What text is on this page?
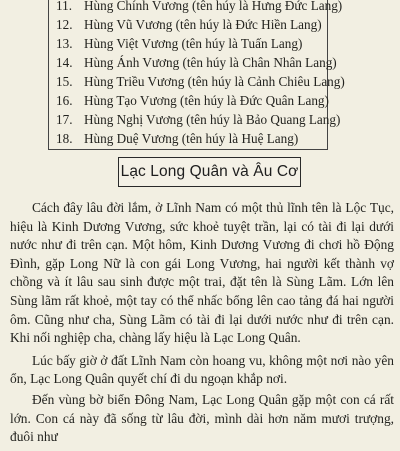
11. Hùng Chính Vương (tên húy là Hưng Đức Lang)
12. Hùng Vũ Vương (tên húy là Đức Hiền Lang)
13. Hùng Việt Vương (tên húy là Tuấn Lang)
14. Hùng Ánh Vương (tên húy là Chân Nhân Lang)
15. Hùng Triều Vương (tên húy là Cảnh Chiêu Lang)
16. Hùng Tạo Vương (tên húy là Đức Quân Lang)
17. Hùng Nghị Vương (tên húy là Bảo Quang Lang)
18. Hùng Duệ Vương (tên húy là Huệ Lang)
Lạc Long Quân và Âu Cơ

Cách đây lâu đời lắm, ở Lĩnh Nam có một thủ lĩnh tên là Lộc Tục, hiệu là Kinh Dương Vương, sức khoẻ tuyệt trần, lại có tài đi lại dưới nước như đi trên cạn. Một hôm, Kinh Dương Vương đi chơi hồ Động Đình, gặp Long Nữ là con gái Long Vương, hai người kết thành vợ chồng và ít lâu sau sinh được một trai, đặt tên là Sùng Lãm. Lớn lên Sùng lãm rất khoẻ, một tay có thể nhấc bổng lên cao tảng đá hai người ôm. Cũng như cha, Sùng Lãm có tài đi lại dưới nước như đi trên cạn. Khi nối nghiệp cha, chàng lấy hiệu là Lạc Long Quân.

Lúc bấy giờ ở đất Lĩnh Nam còn hoang vu, không một nơi nào yên ổn, Lạc Long Quân quyết chí đi du ngoạn khắp nơi.

Đến vùng bờ biển Đông Nam, Lạc Long Quân gặp một con cá rất lớn. Con cá này đã sống từ lâu đời, mình dài hơn năm mươi trượng, đuôi như
